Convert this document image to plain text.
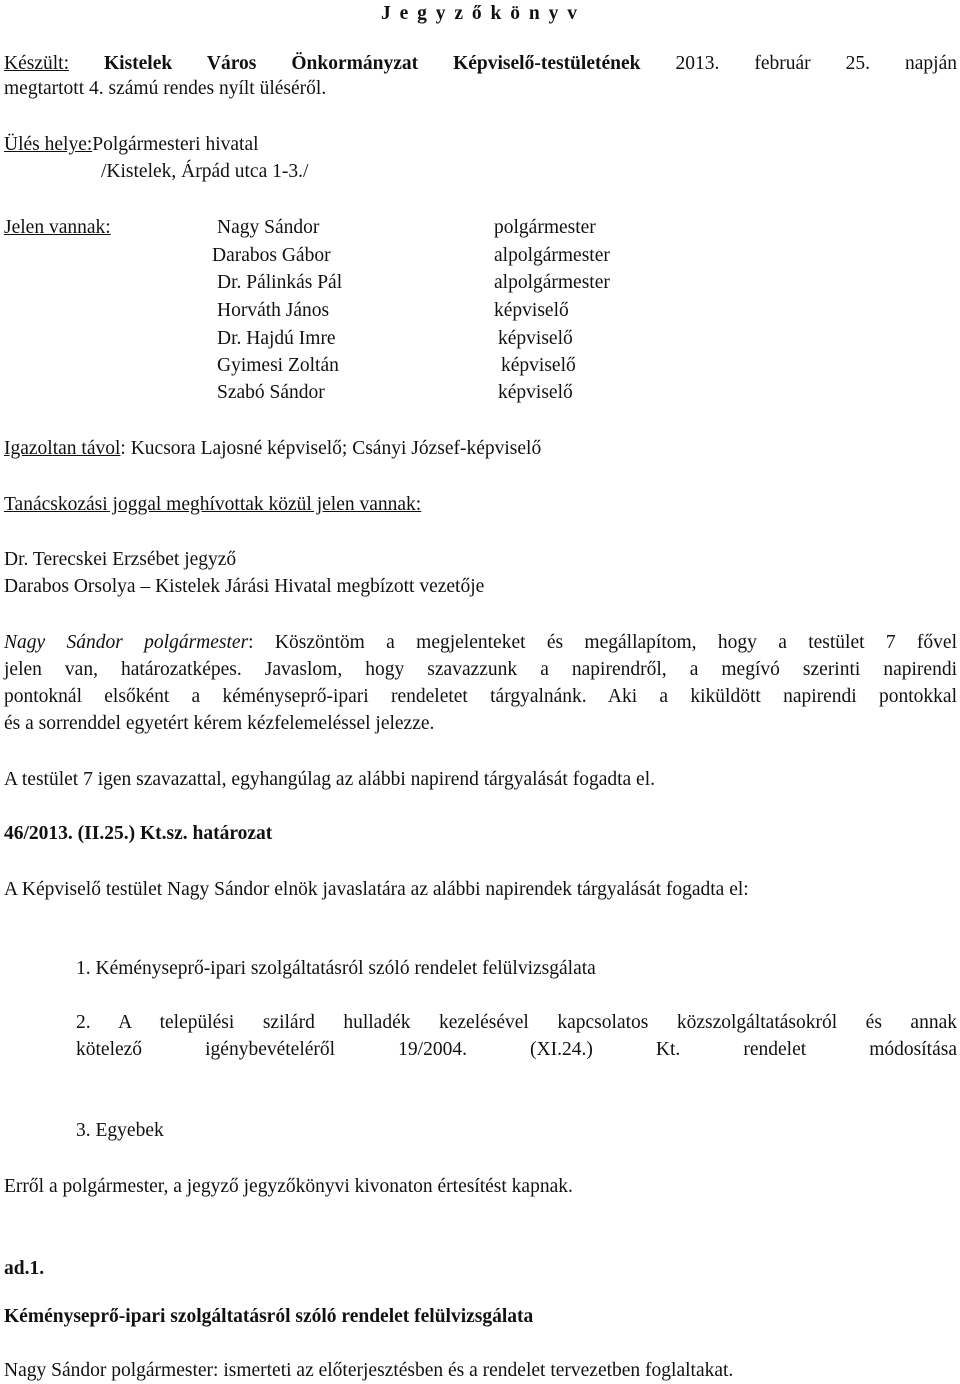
J e g y z ő k ö n y v
Készült: Kistelek Város Önkormányzat Képviselő-testületének 2013. február 25. napján
megtartott 4. számú rendes nyílt üléséről.
Ülés helye:Polgármesteri hivatal
/Kistelek, Árpád utca 1-3./
Jelen vannak:	Nagy Sándor	polgármester
Darabos Gábor	alpolgármester
Dr. Pálinkás Pál	alpolgármester
Horváth János	képviselő
Dr. Hajdú Imre	képviselő
Gyimesi Zoltán	képviselő
Szabó Sándor	képviselő
Igazoltan távol: Kucsora Lajosné képviselő; Csányi József-képviselő
Tanácskozási joggal meghívottak közül jelen vannak:
Dr. Terecskei Erzsébet jegyző
Darabos Orsolya – Kistelek Járási Hivatal megbízott vezetője
Nagy Sándor polgármester: Köszöntöm a megjelenteket és megállapítom, hogy a testület 7 fővel
jelen van, határozatképes. Javaslom, hogy szavazzunk a napirendről, a megívó szerinti napirendi
pontoknál elsőként a kéményseprő-ipari rendeletet tárgyalnánk. Aki a kiküldött napirendi pontokkal
és a sorrenddel egyetért kérem kézfelemeléssel jelezze.
A testület 7 igen szavazattal, egyhangúlag az alábbi napirend tárgyalását fogadta el.
46/2013. (II.25.) Kt.sz. határozat
A Képviselő testület Nagy Sándor elnök javaslatára az alábbi napirendek tárgyalását fogadta el:
1. Kéményseprő-ipari szolgáltatásról szóló rendelet felülvizsgálata
2. A települési szilárd hulladék kezelésével kapcsolatos közszolgáltatásokról és annak
kötelező igénybevételéről 19/2004. (XI.24.) Kt. rendelet módosítása
3. Egyebek
Erről a polgármester, a jegyző jegyzőkönyvi kivonaton értesítést kapnak.
ad.1.
Kéményseprő-ipari szolgáltatásról szóló rendelet felülvizsgálata
Nagy Sándor polgármester: ismerteti az előterjesztésben és a rendelet tervezetben foglaltakat.
